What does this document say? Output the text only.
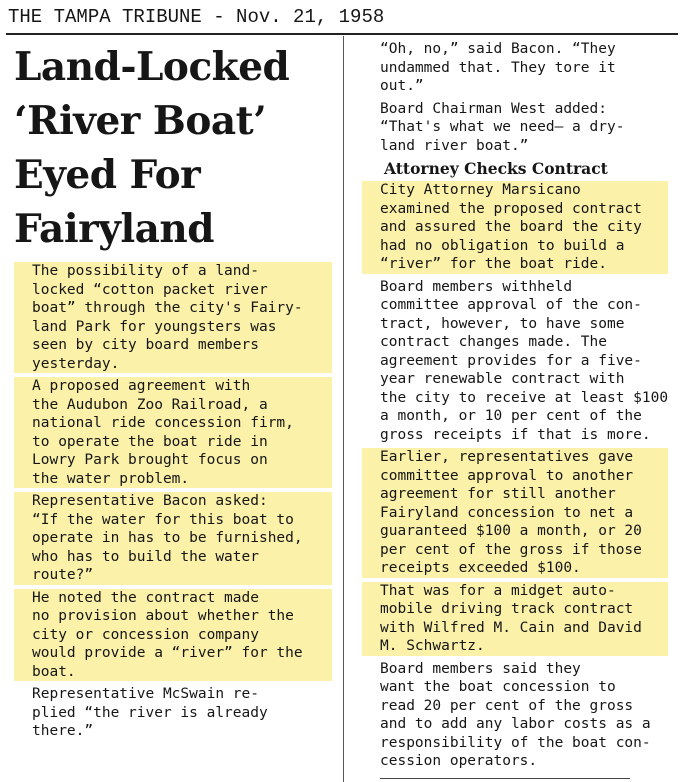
THE TAMPA TRIBUNE - Nov. 21, 1958
Land-Locked
‘River Boat’
Eyed For
Fairyland
The possibility of a land-
locked “cotton packet river
boat” through the city's Fairy-
land Park for youngsters was
seen by city board members
yesterday.
A proposed agreement with
the Audubon Zoo Railroad, a
national ride concession firm,
to operate the boat ride in
Lowry Park brought focus on
the water problem.
Representative Bacon asked:
“If the water for this boat to
operate in has to be furnished,
who has to build the water
route?”
He noted the contract made
no provision about whether the
city or concession company
would provide a “river” for the
boat.
Representative McSwain re-
plied “the river is already
there.”
“Oh, no,” said Bacon. “They
undammed that. They tore it
out.”
Board Chairman West added:
“That's what we need— a dry-
land river boat.”
Attorney Checks Contract
City Attorney Marsicano
examined the proposed contract
and assured the board the city
had no obligation to build a
“river” for the boat ride.
Board members withheld
committee approval of the con-
tract, however, to have some
contract changes made. The
agreement provides for a five-
year renewable contract with
the city to receive at least $100
a month, or 10 per cent of the
gross receipts if that is more.
Earlier, representatives gave
committee approval to another
agreement for still another
Fairyland concession to net a
guaranteed $100 a month, or 20
per cent of the gross if those
receipts exceeded $100.
That was for a midget auto-
mobile driving track contract
with Wilfred M. Cain and David
M. Schwartz.
Board members said they
want the boat concession to
read 20 per cent of the gross
and to add any labor costs as a
responsibility of the boat con-
cession operators.
